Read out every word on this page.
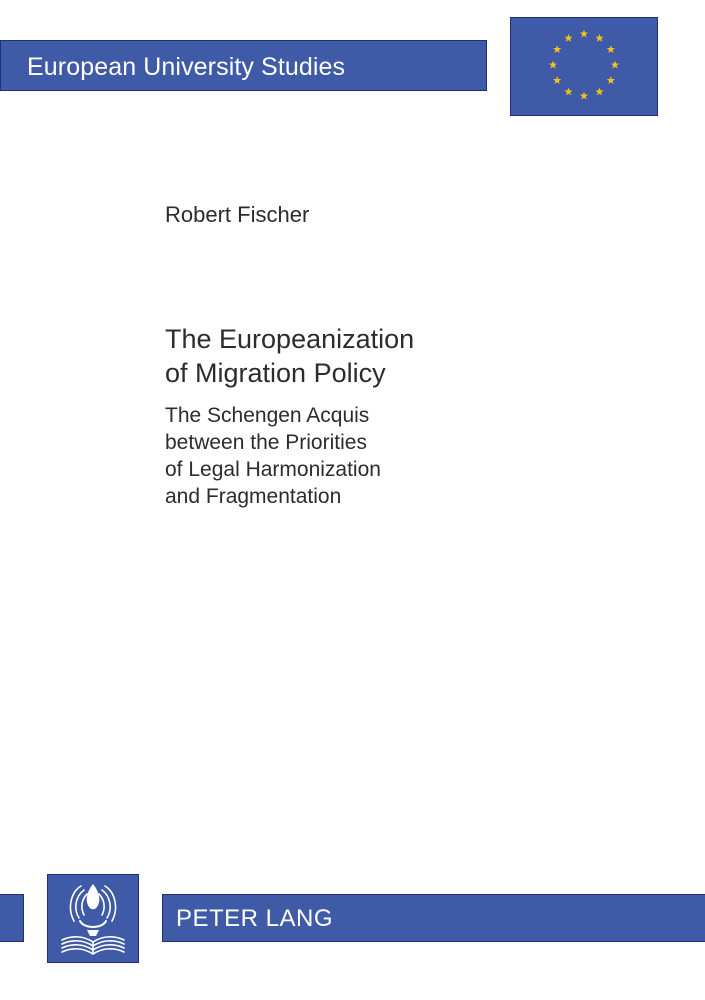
European University Studies
Robert Fischer
The Europeanization
of Migration Policy
The Schengen Acquis
between the Priorities
of Legal Harmonization
and Fragmentation
PETER LANG
